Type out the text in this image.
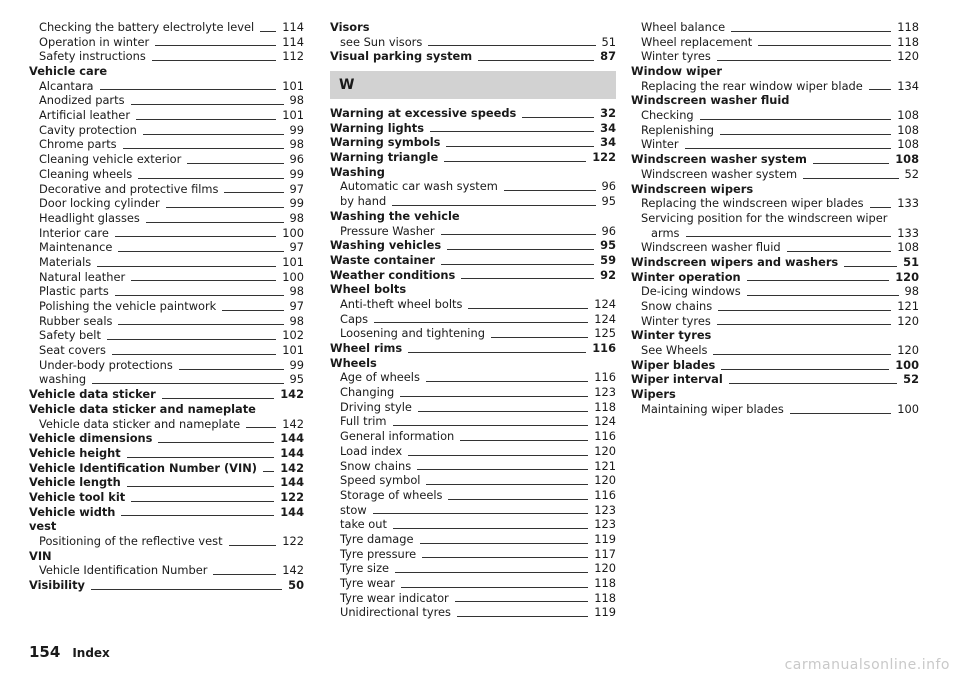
Checking the battery electrolyte level 114
Operation in winter	114
Safety instructions	112
Vehicle care
Alcantara	101
Anodized parts	98
Artificial leather	101
Cavity protection	99
Chrome parts	98
Cleaning vehicle exterior	96
Cleaning wheels	99
Decorative and protective films	97
Door locking cylinder	99
Headlight glasses	98
Interior care	100
Maintenance	97
Materials	101
Natural leather	100
Plastic parts	98
Polishing the vehicle paintwork	97
Rubber seals	98
Safety belt	102
Seat covers	101
Under-body protections	99
washing	95
Vehicle data sticker	142
Vehicle data sticker and nameplate
Vehicle data sticker and nameplate	142
Vehicle dimensions	144
Vehicle height	144
Vehicle Identification Number (VIN) 142
Vehicle length	144
Vehicle tool kit	122
Vehicle width	144
vest
Positioning of the reflective vest	122
VIN
Vehicle Identification Number	142
Visibility	50
Visors
see Sun visors	51
Visual parking system	87
W
Warning at excessive speeds	32
Warning lights	34
Warning symbols	34
Warning triangle	122
Washing
Automatic car wash system	96
by hand	95
Washing the vehicle
Pressure Washer	96
Washing vehicles	95
Waste container	59
Weather conditions	92
Wheel bolts
Anti-theft wheel bolts	124
Caps	124
Loosening and tightening	125
Wheel rims	116
Wheels
Age of wheels	116
Changing	123
Driving style	118
Full trim	124
General information	116
Load index	120
Snow chains	121
Speed symbol	120
Storage of wheels	116
stow	123
take out	123
Tyre damage	119
Tyre pressure	117
Tyre size	120
Tyre wear	118
Tyre wear indicator	118
Unidirectional tyres	119
Wheel balance	118
Wheel replacement	118
Winter tyres	120
Window wiper
Replacing the rear window wiper blade	134
Windscreen washer fluid
Checking	108
Replenishing	108
Winter	108
Windscreen washer system	108
Windscreen washer system	52
Windscreen wipers
Replacing the windscreen wiper blades	133
Servicing position for the windscreen wiper
arms	133
Windscreen washer fluid	108
Windscreen wipers and washers	51
Winter operation	120
De-icing windows	98
Snow chains	121
Winter tyres	120
Winter tyres
See Wheels	120
Wiper blades	100
Wiper interval	52
Wipers
Maintaining wiper blades	100
154 Index
carmanualsonline.info
